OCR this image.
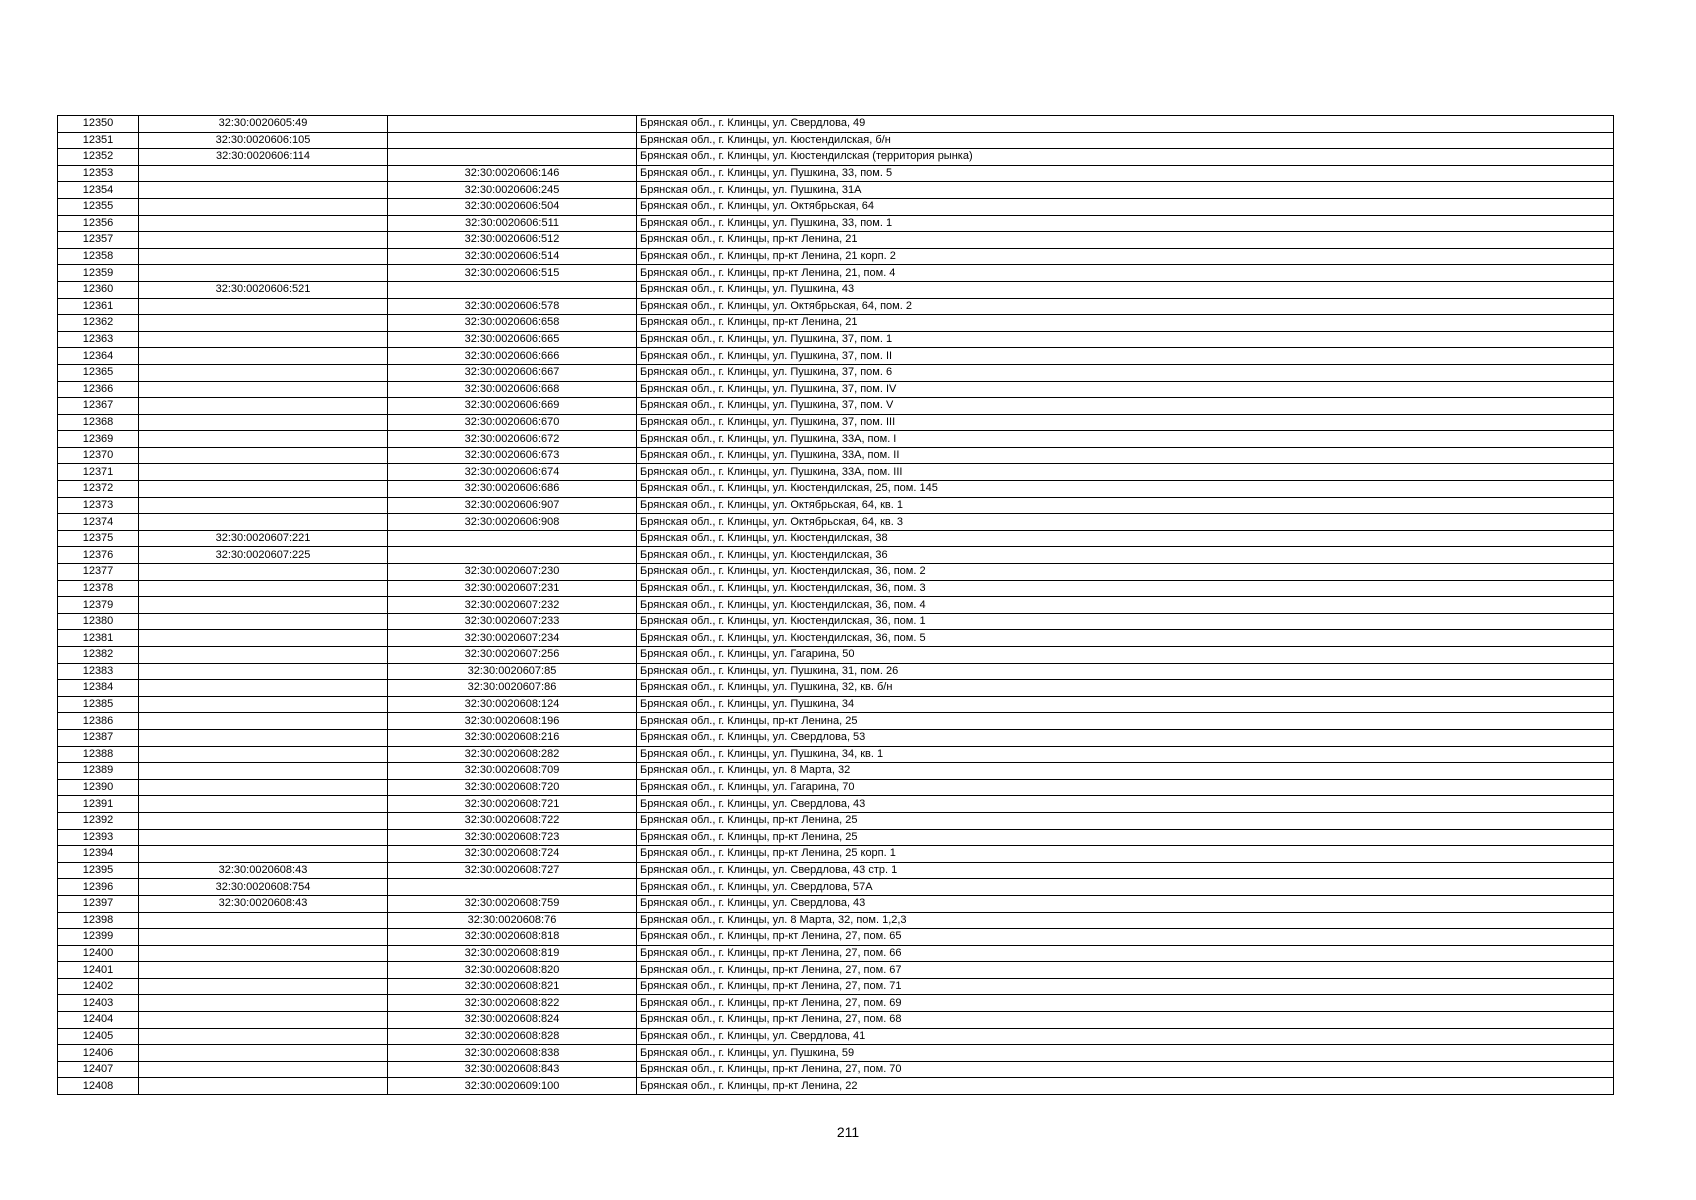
12350	32:30:0020605:49		Брянская обл., г. Клинцы, ул. Свердлова, 49
12351	32:30:0020606:105		Брянская обл., г. Клинцы, ул. Кюстендилская, б/н
12352	32:30:0020606:114		Брянская обл., г. Клинцы, ул. Кюстендилская (территория рынка)
12353		32:30:0020606:146	Брянская обл., г. Клинцы, ул. Пушкина, 33, пом. 5
12354		32:30:0020606:245	Брянская обл., г. Клинцы, ул. Пушкина, 31А
12355		32:30:0020606:504	Брянская обл., г. Клинцы, ул. Октябрьская, 64
12356		32:30:0020606:511	Брянская обл., г. Клинцы, ул. Пушкина, 33, пом. 1
12357		32:30:0020606:512	Брянская обл., г. Клинцы, пр-кт Ленина, 21
12358		32:30:0020606:514	Брянская обл., г. Клинцы, пр-кт Ленина, 21 корп. 2
12359		32:30:0020606:515	Брянская обл., г. Клинцы, пр-кт Ленина, 21, пом. 4
12360	32:30:0020606:521		Брянская обл., г. Клинцы, ул. Пушкина, 43
12361		32:30:0020606:578	Брянская обл., г. Клинцы, ул. Октябрьская, 64, пом. 2
12362		32:30:0020606:658	Брянская обл., г. Клинцы, пр-кт Ленина, 21
12363		32:30:0020606:665	Брянская обл., г. Клинцы, ул. Пушкина, 37, пом. 1
12364		32:30:0020606:666	Брянская обл., г. Клинцы, ул. Пушкина, 37, пом. II
12365		32:30:0020606:667	Брянская обл., г. Клинцы, ул. Пушкина, 37, пом. 6
12366		32:30:0020606:668	Брянская обл., г. Клинцы, ул. Пушкина, 37, пом. IV
12367		32:30:0020606:669	Брянская обл., г. Клинцы, ул. Пушкина, 37, пом. V
12368		32:30:0020606:670	Брянская обл., г. Клинцы, ул. Пушкина, 37, пом. III
12369		32:30:0020606:672	Брянская обл., г. Клинцы, ул. Пушкина, 33А, пом. I
12370		32:30:0020606:673	Брянская обл., г. Клинцы, ул. Пушкина, 33А, пом. II
12371		32:30:0020606:674	Брянская обл., г. Клинцы, ул. Пушкина, 33А, пом. III
12372		32:30:0020606:686	Брянская обл., г. Клинцы, ул. Кюстендилская, 25, пом. 145
12373		32:30:0020606:907	Брянская обл., г. Клинцы, ул. Октябрьская, 64, кв. 1
12374		32:30:0020606:908	Брянская обл., г. Клинцы, ул. Октябрьская, 64, кв. 3
12375	32:30:0020607:221		Брянская обл., г. Клинцы, ул. Кюстендилская, 38
12376	32:30:0020607:225		Брянская обл., г. Клинцы, ул. Кюстендилская, 36
12377		32:30:0020607:230	Брянская обл., г. Клинцы, ул. Кюстендилская, 36, пом. 2
12378		32:30:0020607:231	Брянская обл., г. Клинцы, ул. Кюстендилская, 36, пом. 3
12379		32:30:0020607:232	Брянская обл., г. Клинцы, ул. Кюстендилская, 36, пом. 4
12380		32:30:0020607:233	Брянская обл., г. Клинцы, ул. Кюстендилская, 36, пом. 1
12381		32:30:0020607:234	Брянская обл., г. Клинцы, ул. Кюстендилская, 36, пом. 5
12382		32:30:0020607:256	Брянская обл., г. Клинцы, ул. Гагарина, 50
12383		32:30:0020607:85	Брянская обл., г. Клинцы, ул. Пушкина, 31, пом. 26
12384		32:30:0020607:86	Брянская обл., г. Клинцы, ул. Пушкина, 32, кв. б/н
12385		32:30:0020608:124	Брянская обл., г. Клинцы, ул. Пушкина, 34
12386		32:30:0020608:196	Брянская обл., г. Клинцы, пр-кт Ленина, 25
12387		32:30:0020608:216	Брянская обл., г. Клинцы, ул. Свердлова, 53
12388		32:30:0020608:282	Брянская обл., г. Клинцы, ул. Пушкина, 34, кв. 1
12389		32:30:0020608:709	Брянская обл., г. Клинцы, ул. 8 Марта, 32
12390		32:30:0020608:720	Брянская обл., г. Клинцы, ул. Гагарина, 70
12391		32:30:0020608:721	Брянская обл., г. Клинцы, ул. Свердлова, 43
12392		32:30:0020608:722	Брянская обл., г. Клинцы, пр-кт Ленина, 25
12393		32:30:0020608:723	Брянская обл., г. Клинцы, пр-кт Ленина, 25
12394		32:30:0020608:724	Брянская обл., г. Клинцы, пр-кт Ленина, 25 корп. 1
12395	32:30:0020608:43	32:30:0020608:727	Брянская обл., г. Клинцы, ул. Свердлова, 43 стр. 1
12396	32:30:0020608:754		Брянская обл., г. Клинцы, ул. Свердлова, 57А
12397	32:30:0020608:43	32:30:0020608:759	Брянская обл., г. Клинцы, ул. Свердлова, 43
12398		32:30:0020608:76	Брянская обл., г. Клинцы, ул. 8 Марта, 32, пом. 1,2,3
12399		32:30:0020608:818	Брянская обл., г. Клинцы, пр-кт Ленина, 27, пом. 65
12400		32:30:0020608:819	Брянская обл., г. Клинцы, пр-кт Ленина, 27, пом. 66
12401		32:30:0020608:820	Брянская обл., г. Клинцы, пр-кт Ленина, 27, пом. 67
12402		32:30:0020608:821	Брянская обл., г. Клинцы, пр-кт Ленина, 27, пом. 71
12403		32:30:0020608:822	Брянская обл., г. Клинцы, пр-кт Ленина, 27, пом. 69
12404		32:30:0020608:824	Брянская обл., г. Клинцы, пр-кт Ленина, 27, пом. 68
12405		32:30:0020608:828	Брянская обл., г. Клинцы, ул. Свердлова, 41
12406		32:30:0020608:838	Брянская обл., г. Клинцы, ул. Пушкина, 59
12407		32:30:0020608:843	Брянская обл., г. Клинцы, пр-кт Ленина, 27, пом. 70
12408		32:30:0020609:100	Брянская обл., г. Клинцы, пр-кт Ленина, 22
211
